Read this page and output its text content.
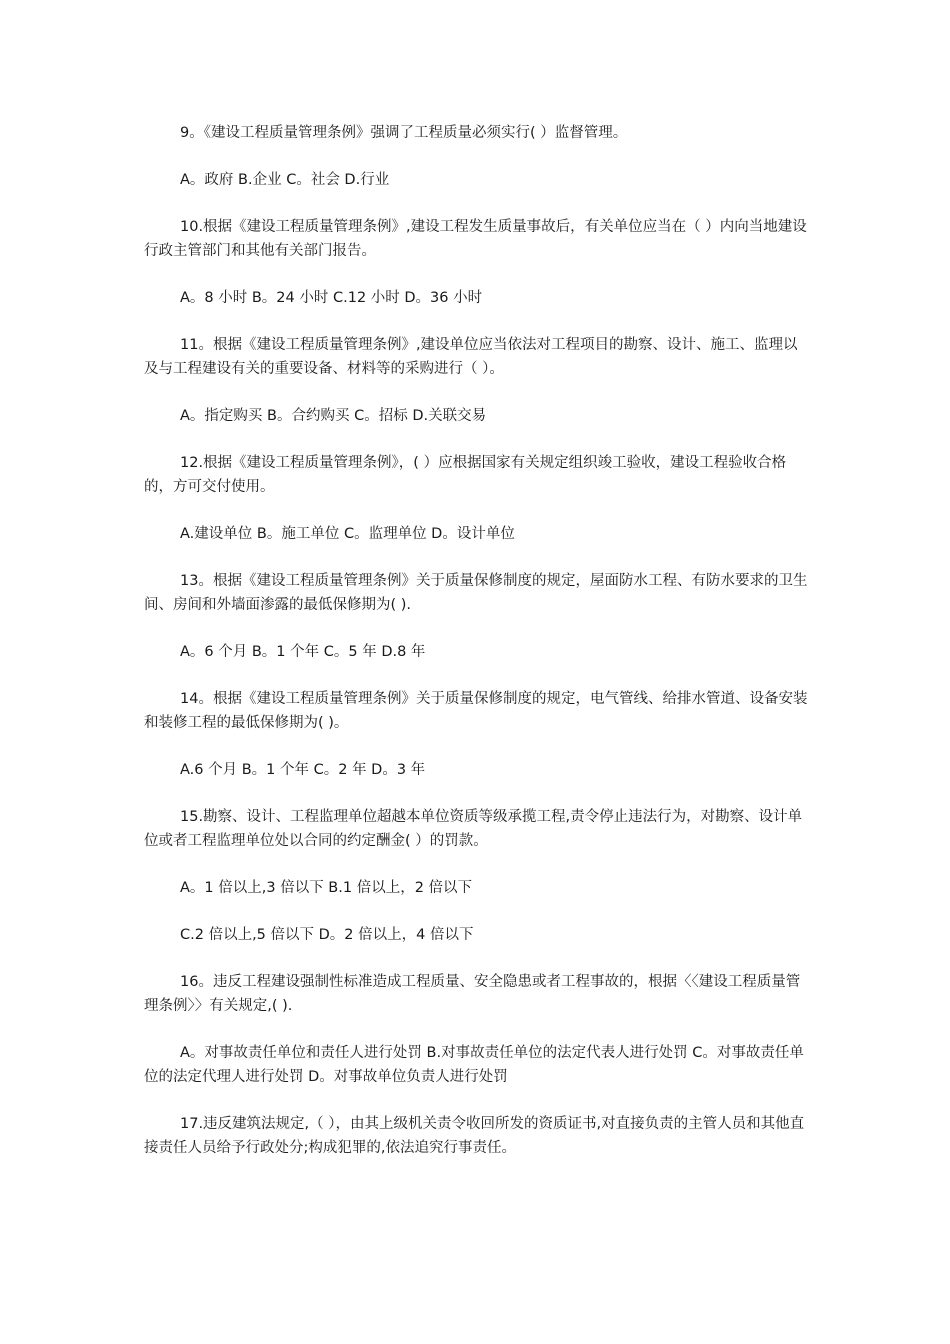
9。《建设工程质量管理条例》强调了工程质量必须实行( ）监督管理。

A。政府 B.企业 C。社会 D.行业

10.根据《建设工程质量管理条例》,建设工程发生质量事故后，有关单位应当在（ ）内向当地建设行政主管部门和其他有关部门报告。

A。8 小时 B。24 小时 C.12 小时 D。36 小时

11。根据《建设工程质量管理条例》,建设单位应当依法对工程项目的勘察、设计、施工、监理以及与工程建设有关的重要设备、材料等的采购进行（ ）。

A。指定购买 B。合约购买 C。招标 D.关联交易

12.根据《建设工程质量管理条例》，( ）应根据国家有关规定组织竣工验收，建设工程验收合格的，方可交付使用。

A.建设单位 B。施工单位 C。监理单位 D。设计单位

13。根据《建设工程质量管理条例》关于质量保修制度的规定，屋面防水工程、有防水要求的卫生间、房间和外墙面渗露的最低保修期为( ).

A。6 个月 B。1 个年 C。5 年 D.8 年

14。根据《建设工程质量管理条例》关于质量保修制度的规定，电气管线、给排水管道、设备安装和装修工程的最低保修期为( )。

A.6 个月 B。1 个年 C。2 年 D。3 年

15.勘察、设计、工程监理单位超越本单位资质等级承揽工程,责令停止违法行为，对勘察、设计单位或者工程监理单位处以合同的约定酬金( ）的罚款。

A。1 倍以上,3 倍以下 B.1 倍以上，2 倍以下

C.2 倍以上,5 倍以下 D。2 倍以上，4 倍以下

16。违反工程建设强制性标准造成工程质量、安全隐患或者工程事故的，根据〈〈建设工程质量管理条例〉〉有关规定,( ).

A。对事故责任单位和责任人进行处罚 B.对事故责任单位的法定代表人进行处罚 C。对事故责任单位的法定代理人进行处罚 D。对事故单位负责人进行处罚

17.违反建筑法规定,（ ），由其上级机关责令收回所发的资质证书,对直接负责的主管人员和其他直接责任人员给予行政处分;构成犯罪的,依法追究行事责任。
